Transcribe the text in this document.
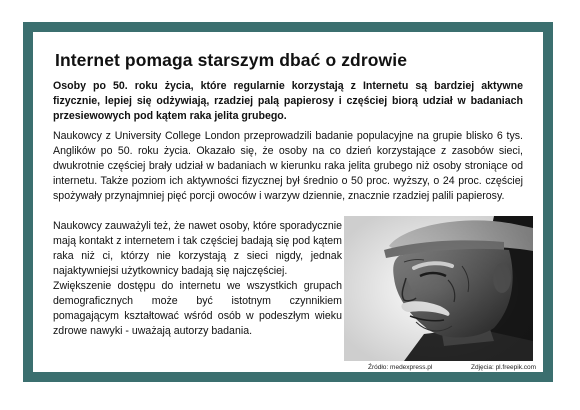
Internet pomaga starszym dbać o zdrowie
Osoby po 50. roku życia, które regularnie korzystają z Internetu są bardziej aktywne fizycznie, lepiej się odżywiają, rzadziej palą papierosy i częściej biorą udział w badaniach przesiewowych pod kątem raka jelita grubego.
Naukowcy z University College London przeprowadzili badanie populacyjne na grupie blisko 6 tys. Anglików po 50. roku życia. Okazało się, że osoby na co dzień korzystające z zasobów sieci, dwukrotnie częściej brały udział w badaniach w kierunku raka jelita grubego niż osoby stroniące od internetu. Także poziom ich aktywności fizycznej był średnio o 50 proc. wyższy, o 24 proc. częściej spożywały przynajmniej pięć porcji owoców i warzyw dziennie, znacznie rzadziej palili papierosy.
Naukowcy zauważyli też, że nawet osoby, które sporadycznie mają kontakt z internetem i tak częściej badają się pod kątem raka niż ci, którzy nie korzystają z sieci nigdy, jednak najaktywniejsi użytkownicy badają się najczęściej.
Zwiększenie dostępu do internetu we wszystkich grupach demograficznych może być istotnym czynnikiem pomagającym kształtować wśród osób w podeszłym wieku zdrowe nawyki - uważają autorzy badania.
Źródło: medexpress.pl	Zdjęcia: pl.freepik.com
